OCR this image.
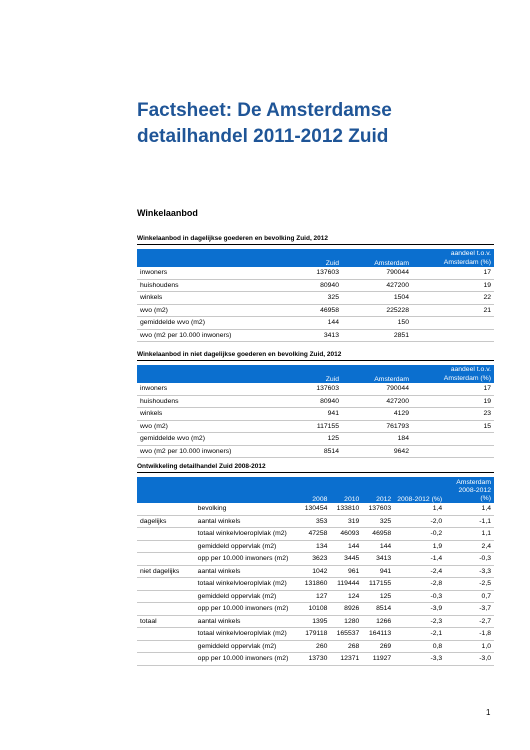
Factsheet: De Amsterdamse
detailhandel 2011-2012 Zuid
Winkelaanbod
Winkelaanbod in dagelijkse goederen en bevolking Zuid, 2012
	Zuid	Amsterdam	aandeel t.o.v. Amsterdam (%)
inwoners	137603	790044	17
huishoudens	80940	427200	19
winkels	325	1504	22
wvo (m2)	46958	225228	21
gemiddelde wvo (m2)	144	150	
wvo (m2 per 10.000 inwoners)	3413	2851	
Winkelaanbod in niet dagelijkse goederen en bevolking Zuid, 2012
	Zuid	Amsterdam	aandeel t.o.v. Amsterdam (%)
inwoners	137603	790044	17
huishoudens	80940	427200	19
winkels	941	4129	23
wvo (m2)	117155	761793	15
gemiddelde wvo (m2)	125	184	
wvo (m2 per 10.000 inwoners)	8514	9642	
Ontwikkeling detailhandel Zuid 2008-2012
		2008	2010	2012	2008-2012 (%)	Amsterdam 2008-2012 (%)
	bevolking	130454	133810	137603	1,4	1,4
dagelijks	aantal winkels	353	319	325	-2,0	-1,1
	totaal winkelvloeroplvlak (m2)	47258	46093	46958	-0,2	1,1
	gemiddeld oppervlak (m2)	134	144	144	1,9	2,4
	opp per 10.000 inwoners (m2)	3623	3445	3413	-1,4	-0,3
niet dagelijks	aantal winkels	1042	961	941	-2,4	-3,3
	totaal winkelvloeroplvlak (m2)	131860	119444	117155	-2,8	-2,5
	gemiddeld oppervlak (m2)	127	124	125	-0,3	0,7
	opp per 10.000 inwoners (m2)	10108	8926	8514	-3,9	-3,7
totaal	aantal winkels	1395	1280	1266	-2,3	-2,7
	totaal winkelvloeroplvlak (m2)	179118	165537	164113	-2,1	-1,8
	gemiddeld oppervlak (m2)	260	268	269	0,8	1,0
	opp per 10.000 inwoners (m2)	13730	12371	11927	-3,3	-3,0
1
